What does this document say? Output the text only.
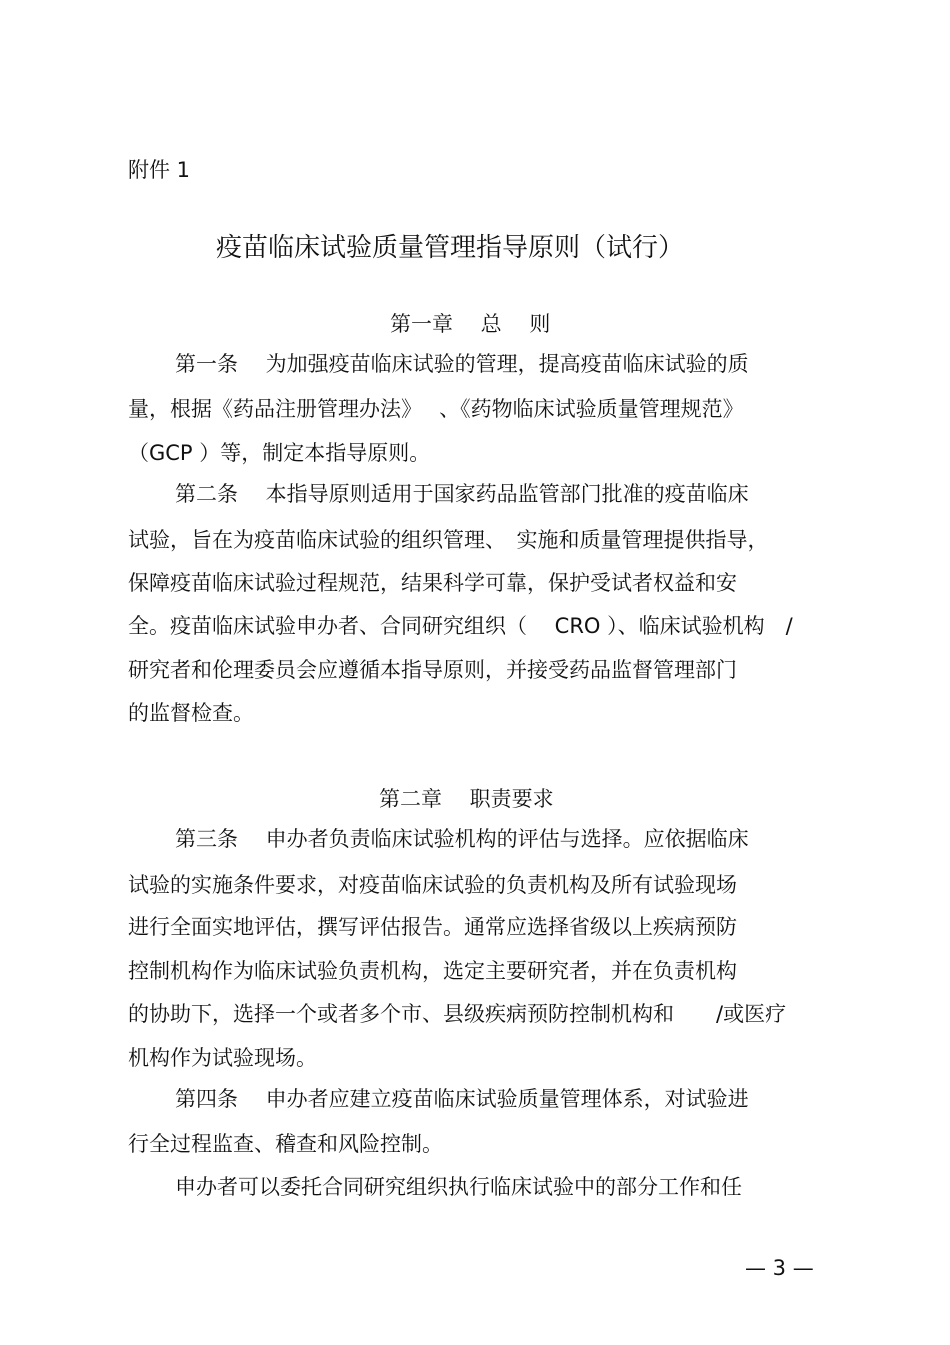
附件 1
疫苗临床试验质量管理指导原则（试行）
第一章　 总　 则
第一条　 为加强疫苗临床试验的管理，提高疫苗临床试验的质
量，根据《药品注册管理办法》　 、《药物临床试验质量管理规范》
（GCP ）等，制定本指导原则。
第二条　 本指导原则适用于国家药品监管部门批准的疫苗临床
试验，旨在为疫苗临床试验的组织管理、　实施和质量管理提供指导，
保障疫苗临床试验过程规范，结果科学可靠，保护受试者权益和安
全。疫苗临床试验申办者、合同研究组织（　 CRO ）、临床试验机构　/
研究者和伦理委员会应遵循本指导原则，并接受药品监督管理部门
的监督检查。
第二章　 职责要求
第三条　 申办者负责临床试验机构的评估与选择。应依据临床
试验的实施条件要求，对疫苗临床试验的负责机构及所有试验现场
进行全面实地评估，撰写评估报告。通常应选择省级以上疾病预防
控制机构作为临床试验负责机构，选定主要研究者，并在负责机构
的协助下，选择一个或者多个市、县级疾病预防控制机构和　　/或医疗
机构作为试验现场。
第四条　 申办者应建立疫苗临床试验质量管理体系，对试验进
行全过程监查、稽查和风险控制。
申办者可以委托合同研究组织执行临床试验中的部分工作和任
— 3 —
